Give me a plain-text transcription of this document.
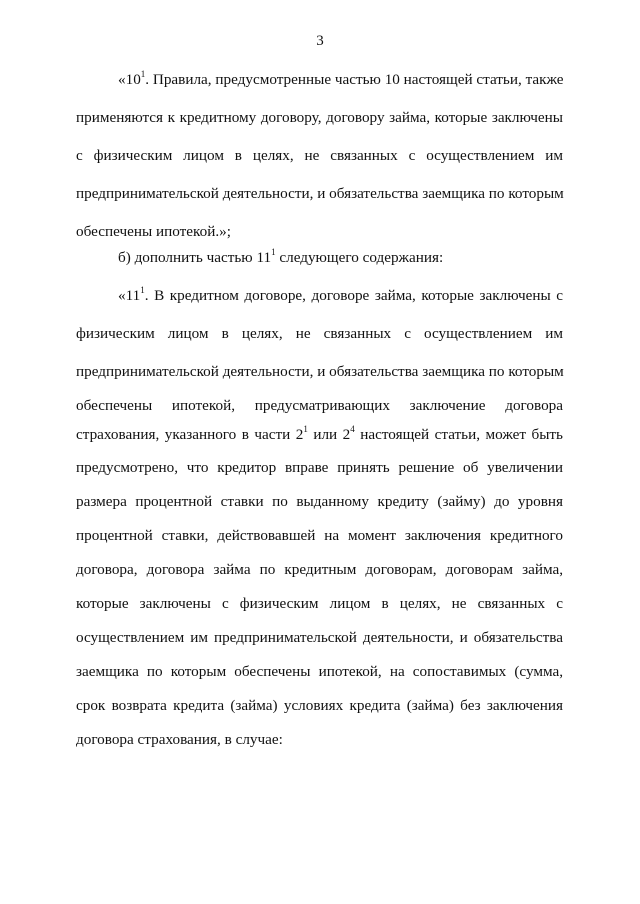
3
«$10^1$. Правила, предусмотренные частью 10 настоящей статьи, также
применяются к кредитному договору, договору займа, которые заключены
с физическим лицом в целях, не связанных с осуществлением им
предпринимательской деятельности, и обязательства заемщика по которым
обеспечены ипотекой.»;
б) дополнить частью $11^1$ следующего содержания:
«$11^1$. В кредитном договоре, договоре займа, которые заключены с
физическим лицом в целях, не связанных с осуществлением им
предпринимательской деятельности, и обязательства заемщика по которым
обеспечены ипотекой, предусматривающих заключение договора
страхования, указанного в части $2^1$ или $2^4$ настоящей статьи, может быть
предусмотрено, что кредитор вправе принять решение об увеличении
размера процентной ставки по выданному кредиту (займу) до уровня
процентной ставки, действовавшей на момент заключения кредитного
договора, договора займа по кредитным договорам, договорам займа,
которые заключены с физическим лицом в целях, не связанных с
осуществлением им предпринимательской деятельности, и обязательства
заемщика по которым обеспечены ипотекой, на сопоставимых (сумма,
срок возврата кредита (займа) условиях кредита (займа) без заключения
договора страхования, в случае:
